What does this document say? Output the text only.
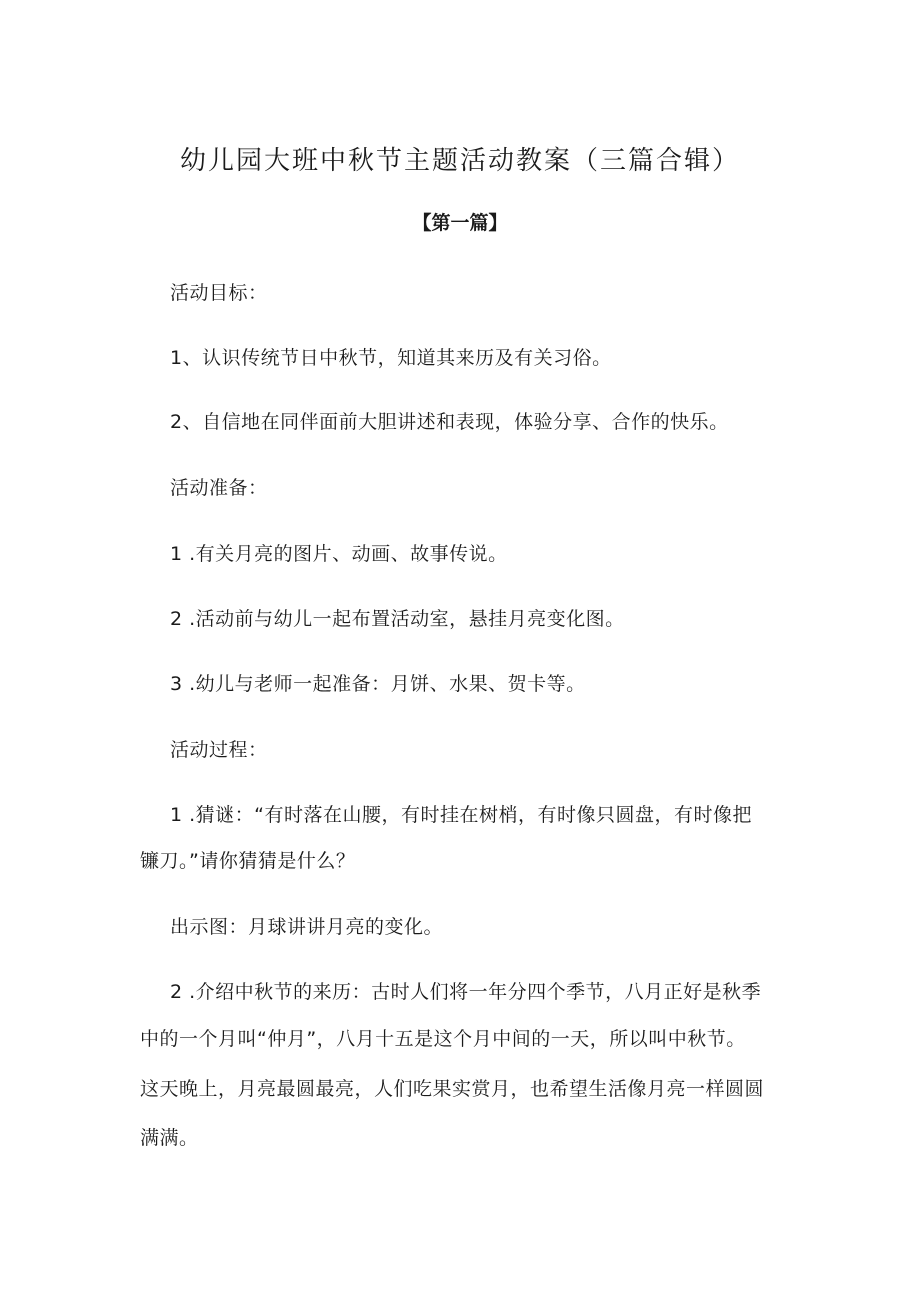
幼儿园大班中秋节主题活动教案（三篇合辑）
【第一篇】

活动目标：

1、认识传统节日中秋节，知道其来历及有关习俗。

2、自信地在同伴面前大胆讲述和表现，体验分享、合作的快乐。

活动准备：

1 .有关月亮的图片、动画、故事传说。

2 .活动前与幼儿一起布置活动室，悬挂月亮变化图。

3 .幼儿与老师一起准备：月饼、水果、贺卡等。

活动过程：

1 .猜谜：“有时落在山腰，有时挂在树梢，有时像只圆盘，有时像把

镰刀。”请你猜猜是什么？

出示图：月球讲讲月亮的变化。

2 .介绍中秋节的来历：古时人们将一年分四个季节，八月正好是秋季

中的一个月叫“仲月”，八月十五是这个月中间的一天，所以叫中秋节。

这天晚上，月亮最圆最亮，人们吃果实赏月，也希望生活像月亮一样圆圆

满满。
